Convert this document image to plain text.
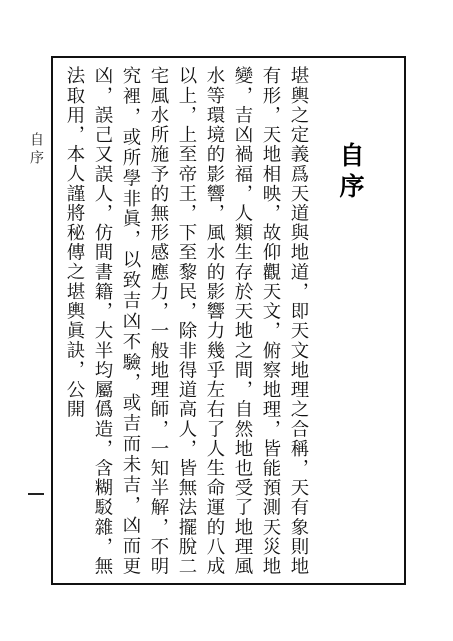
自序	自序
堪輿之定義爲天道與地道，即天文地理之合稱，天有象則地有形，天地相映，故仰觀天文，俯察地理，皆能預測天災地變，吉凶禍福，人類生存於天地之間，自然地也受了地理風水等環境的影響，風水的影響力幾乎左右了人生命運的八成以上，上至帝王，下至黎民，除非得道高人，皆無法擺脫二宅風水所施予的無形感應力，一般地理師，一知半解，不明究裡，或所學非眞，以致吉凶不驗，或吉而未吉，凶而更凶，誤己又誤人，仿間書籍，大半均屬僞造，含糊駁雜，無法取用，本人謹將秘傳之堪輿眞訣，公開
